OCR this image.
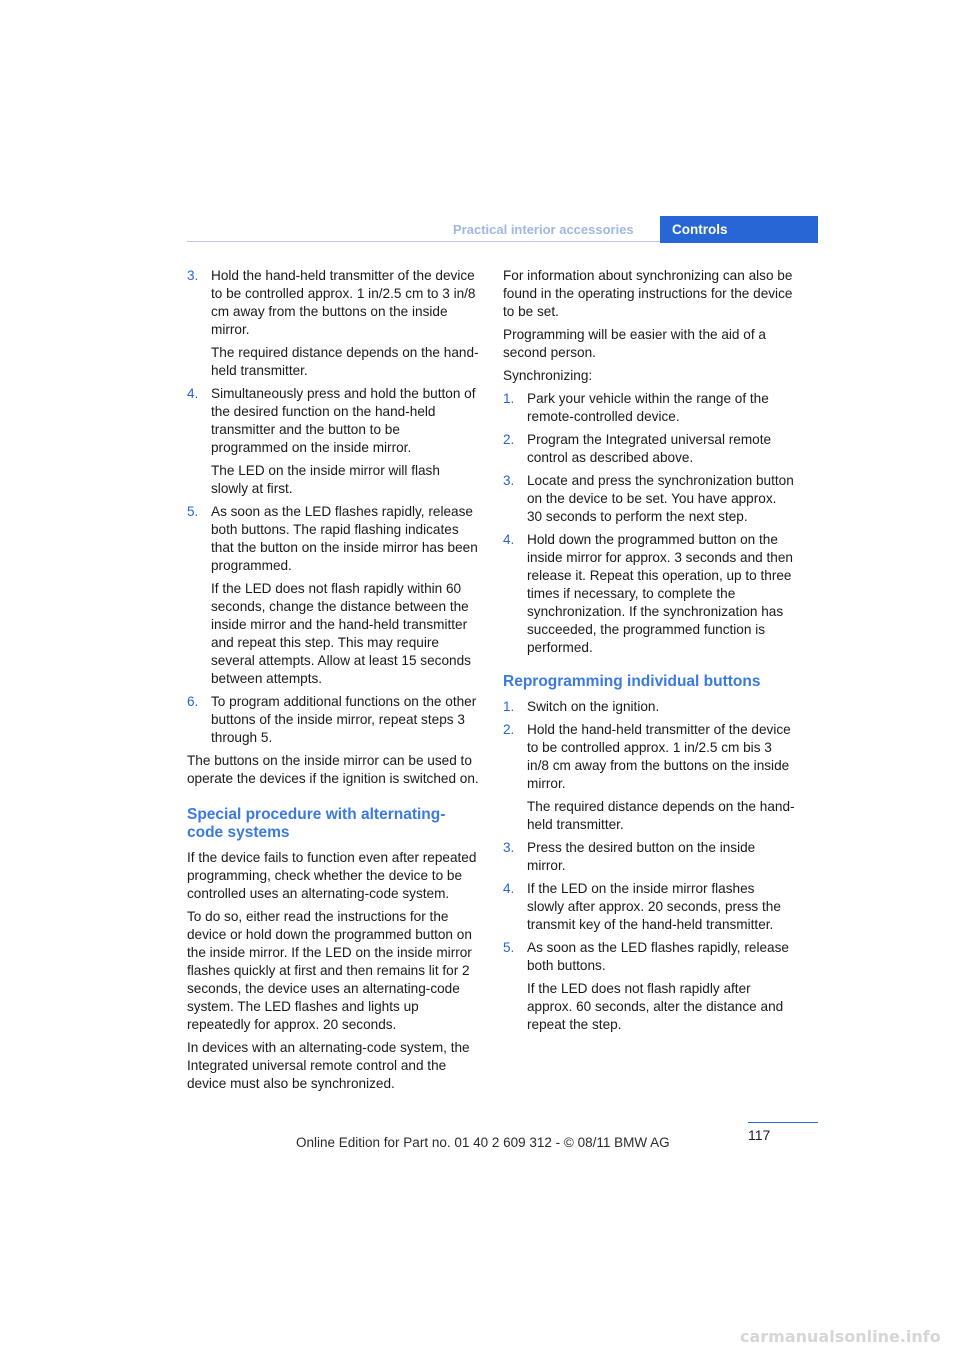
Practical interior accessories	Controls
3. Hold the hand-held transmitter of the device to be controlled approx. 1 in/2.5 cm to 3 in/8 cm away from the buttons on the inside mirror.
The required distance depends on the hand-held transmitter.
4. Simultaneously press and hold the button of the desired function on the hand-held transmitter and the button to be programmed on the inside mirror.
The LED on the inside mirror will flash slowly at first.
5. As soon as the LED flashes rapidly, release both buttons. The rapid flashing indicates that the button on the inside mirror has been programmed.
If the LED does not flash rapidly within 60 seconds, change the distance between the inside mirror and the hand-held transmitter and repeat this step. This may require several attempts. Allow at least 15 seconds between attempts.
6. To program additional functions on the other buttons of the inside mirror, repeat steps 3 through 5.

The buttons on the inside mirror can be used to operate the devices if the ignition is switched on.

Special procedure with alternating-code systems

If the device fails to function even after repeated programming, check whether the device to be controlled uses an alternating-code system.

To do so, either read the instructions for the device or hold down the programmed button on the inside mirror. If the LED on the inside mirror flashes quickly at first and then remains lit for 2 seconds, the device uses an alternating-code system. The LED flashes and lights up repeatedly for approx. 20 seconds.

In devices with an alternating-code system, the Integrated universal remote control and the device must also be synchronized.

For information about synchronizing can also be found in the operating instructions for the device to be set.

Programming will be easier with the aid of a second person.

Synchronizing:

1. Park your vehicle within the range of the remote-controlled device.
2. Program the Integrated universal remote control as described above.
3. Locate and press the synchronization button on the device to be set. You have approx. 30 seconds to perform the next step.
4. Hold down the programmed button on the inside mirror for approx. 3 seconds and then release it. Repeat this operation, up to three times if necessary, to complete the synchronization. If the synchronization has succeeded, the programmed function is performed.
Reprogramming individual buttons
1. Switch on the ignition.
2. Hold the hand-held transmitter of the device to be controlled approx. 1 in/2.5 cm bis 3 in/8 cm away from the buttons on the inside mirror.
The required distance depends on the hand-held transmitter.
3. Press the desired button on the inside mirror.
4. If the LED on the inside mirror flashes slowly after approx. 20 seconds, press the transmit key of the hand-held transmitter.
5. As soon as the LED flashes rapidly, release both buttons.
If the LED does not flash rapidly after approx. 60 seconds, alter the distance and repeat the step.
117
Online Edition for Part no. 01 40 2 609 312 - © 08/11 BMW AG
carmanualsonline.info
